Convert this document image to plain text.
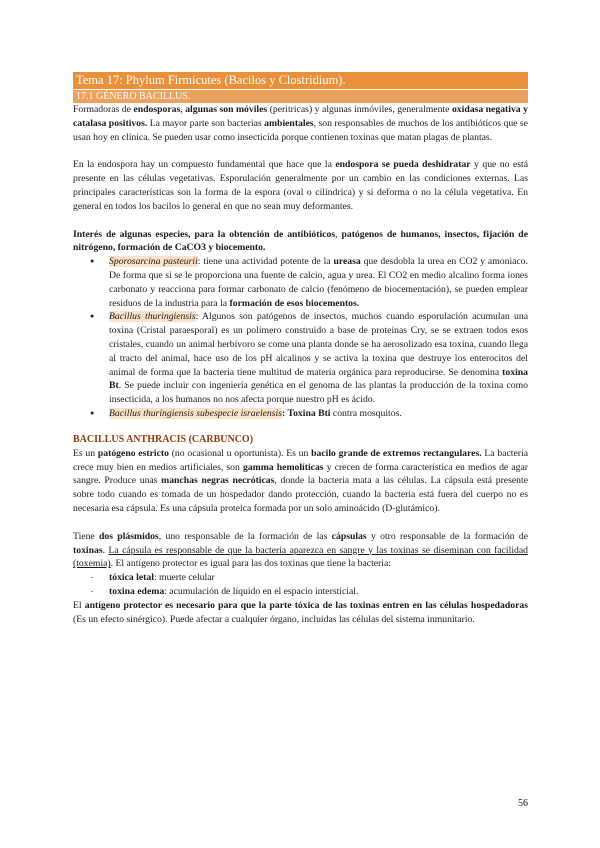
Tema 17: Phylum Firmicutes (Bacilos y Clostridium).
17.1 GÉNERO BACILLUS.

Formadoras de endosporas, algunas son móviles (peritricas) y algunas inmóviles, generalmente oxidasa negativa y catalasa positivos. La mayor parte son bacterias ambientales, son responsables de muchos de los antibióticos que se usan hoy en clínica. Se pueden usar como insecticida porque contienen toxinas que matan plagas de plantas.

En la endospora hay un compuesto fundamental que hace que la endospora se pueda deshidratar y que no está presente en las células vegetativas. Esporulación generalmente por un cambio en las condiciones externas. Las principales características son la forma de la espora (oval o cilíndrica) y si deforma o no la célula vegetativa. En general en todos los bacilos lo general en que no sean muy deformantes.

Interés de algunas especies, para la obtención de antibióticos, patógenos de humanos, insectos, fijación de nitrógeno, formación de CaCO3 y biocemento.

● Sporosarcina pasteurii: tiene una actividad potente de la ureasa que desdobla la urea en CO2 y amoniaco. De forma que si se le proporciona una fuente de calcio, agua y urea. El CO2 en medio alcalino forma iones carbonato y reacciona para formar carbonato de calcio (fenómeno de biocementación), se pueden emplear residuos de la industria para la formación de esos biocementos.
● Bacillus thuringiensis: Algunos son patógenos de insectos, muchos cuando esporulación acumulan una toxina (Cristal paraesporal) es un polímero construido a base de proteínas Cry, se se extraen todos esos cristales, cuando un animal herbívoro se come una planta donde se ha aerosolizado esa toxina, cuando llega al tracto del animal, hace uso de los pH alcalinos y se activa la toxina que destruye los enterocitos del animal de forma que la bacteria tiene multitud de materia orgánica para reproducirse. Se denomina toxina Bt. Se puede incluir con ingeniería genética en el genoma de las plantas la producción de la toxina como insecticida, a los humanos no nos afecta porque nuestro pH es ácido.
● Bacillus thuringiensis subespecie israelensis: Toxina Bti contra mosquitos.
BACILLUS ANTHRACIS (CARBUNCO)

Es un patógeno estricto (no ocasional u oportunista). Es un bacilo grande de extremos rectangulares. La bacteria crece muy bien en medios artificiales, son gamma hemolíticas y crecen de forma característica en medios de agar sangre. Produce unas manchas negras necróticas, donde la bacteria mata a las células. La cápsula está presente sobre todo cuando es tomada de un hospedador dando protección, cuando la bacteria está fuera del cuerpo no es necesaria esa cápsula. Es una cápsula proteica formada por un solo aminoácido (D-glutámico).

Tiene dos plásmidos, uno responsable de la formación de las cápsulas y otro responsable de la formación de toxinas. La cápsula es responsable de que la bacteria aparezca en sangre y las toxinas se diseminan con facilidad (toxemia). El antígeno protector es igual para las dos toxinas que tiene la bacteria:

- tóxica letal: muerte celular
- toxina edema: acumulación de líquido en el espacio intersticial.

El antígeno protector es necesario para que la parte tóxica de las toxinas entren en las células hospedadoras (Es un efecto sinérgico). Puede afectar a cualquier órgano, incluidas las células del sistema inmunitario.

56
